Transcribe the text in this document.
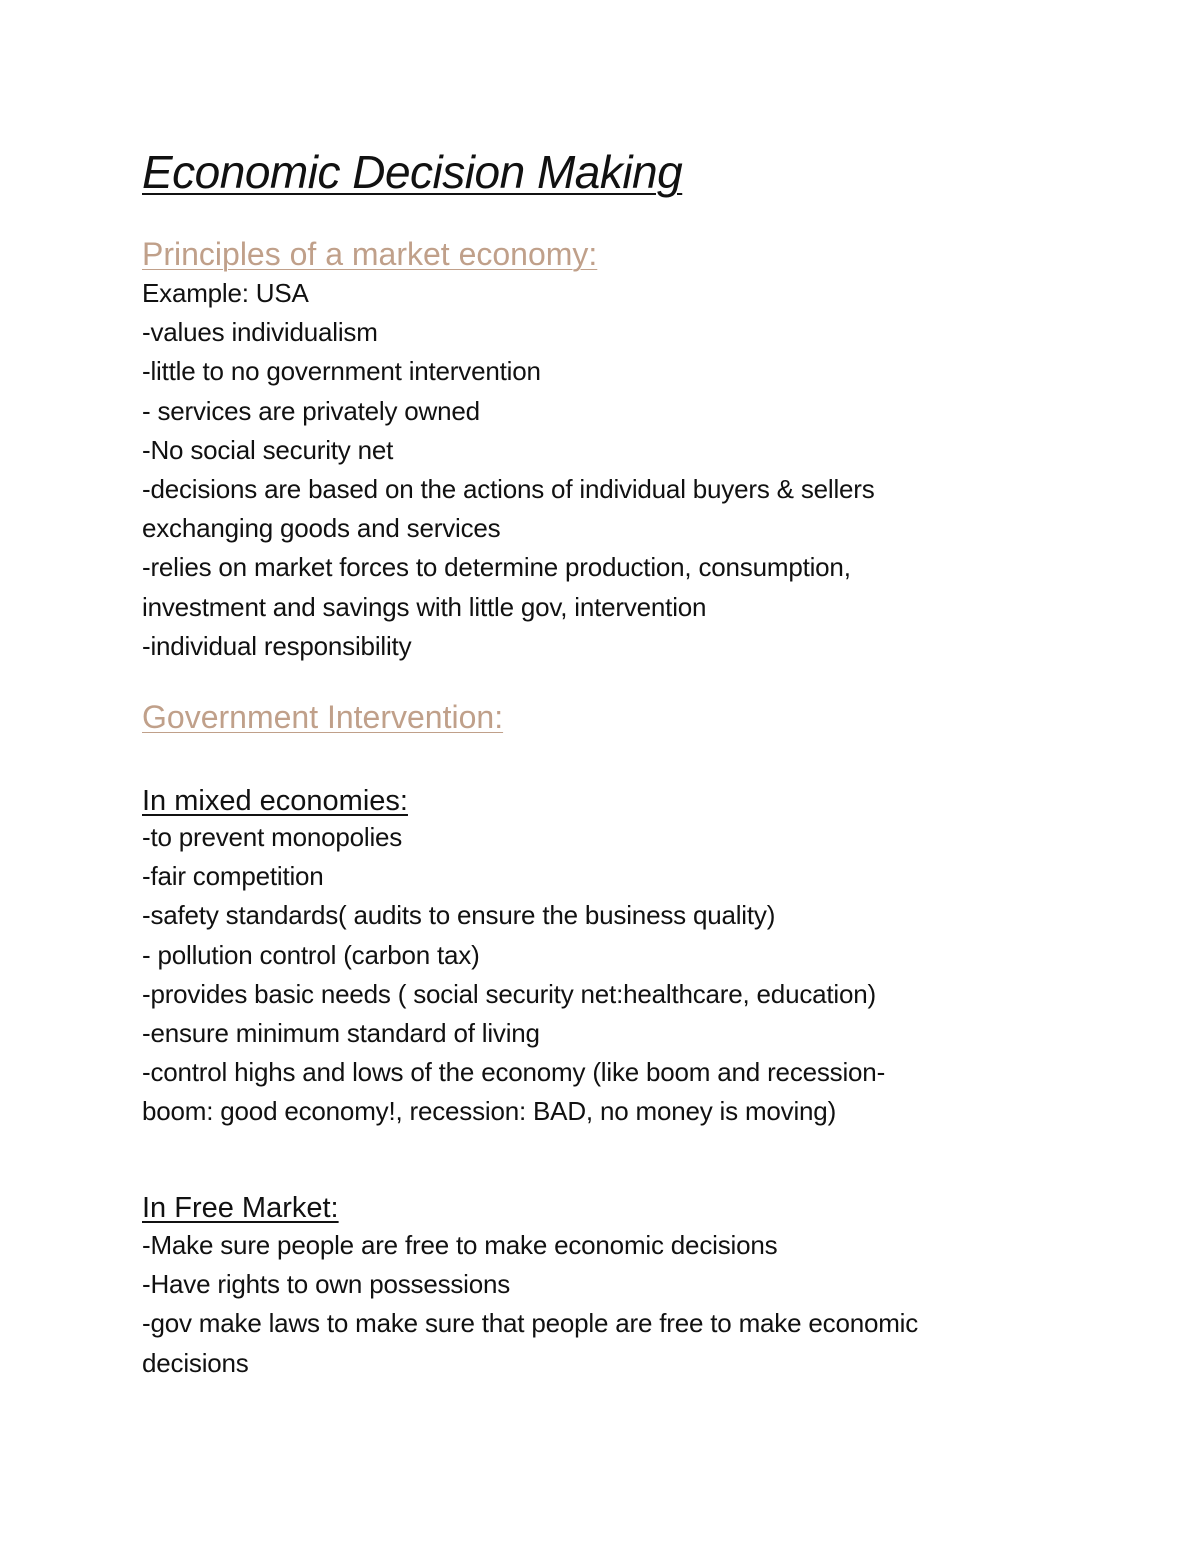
Economic Decision Making
Principles of a market economy:
Example: USA
-values individualism
-little to no government intervention
- services are privately owned
-No social security net
-decisions are based on the actions of individual buyers & sellers
exchanging goods and services
-relies on market forces to determine production, consumption,
investment and savings with little gov, intervention
-individual responsibility
Government Intervention:
In mixed economies:
-to prevent monopolies
-fair competition
-safety standards( audits to ensure the business quality)
- pollution control (carbon tax)
-provides basic needs ( social security net:healthcare, education)
-ensure minimum standard of living
-control highs and lows of the economy (like boom and recession-
boom: good economy!, recession: BAD, no money is moving)
In Free Market:
-Make sure people are free to make economic decisions
-Have rights to own possessions
-gov make laws to make sure that people are free to make economic
decisions
